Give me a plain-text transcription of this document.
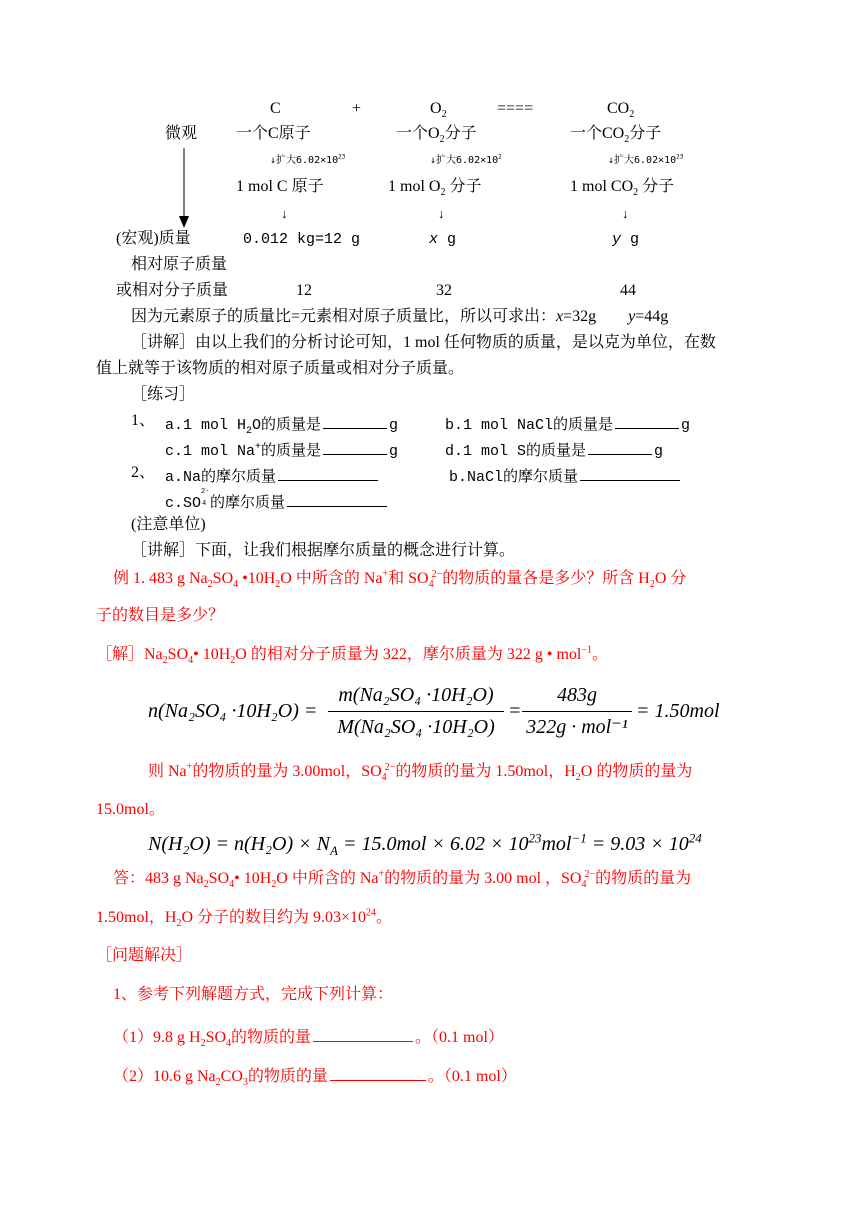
C	+	$O_2$	====	$CO_2$
微观 一个C原子	一个$O_2$分子	一个$CO_2$分子
↓扩大$6.02\times 10^{23}$	↓扩大$6.02\times 10^2$	↓扩大$6.02\times 10^{23}$
1 mol C 原子	1 mol $O_2$ 分子	1 mol $CO_2$ 分子
↓	↓	↓
(宏观)质量	0.012 kg=12 g	x g	y g
相对原子质量
或相对分子质量	12	32	44
因为元素原子的质量比=元素相对原子质量比，所以可求出：x=32g y=44g
［讲解］由以上我们的分析讨论可知，1 mol 任何物质的质量，是以克为单位，在数
值上就等于该物质的相对原子质量或相对分子质量。
［练习］
1、 a.1 mol $H_2O$的质量是	g	b.1 mol NaCl的质量是	g
c.1 mol Na+的质量是	g	d.1 mol S的质量是	g
2、 a.Na的摩尔质量	b.NaCl的摩尔质量
c.SO
2-
4 的摩尔质量
(注意单位)
［讲解］下面，让我们根据摩尔质量的概念进行计算。
例 1. 483 g $Na_2SO_4$ $•10H_2O$ 中所含的 Na+和 $SO_4^{2-}$的物质的量各是多少？所含 $H_2O$ 分
子的数目是多少？
［解$]Na_2SO_4•$ $10H_2O$ 的相对分子质量为 322，摩尔质量为 322 g • mol$^{-1}$。
n(Na₂SO₄ ·10H₂O) =
m(Na₂SO₄ ·10H₂O)
M(Na₂SO₄ ·10H₂O)
=
483g
322g · mol⁻¹
= 1.50mol
则 Na+的物质的量为 3.00mol，$SO_4^{2-}$的物质的量为 1.50mol，$H_2O$ 的物质的量为
15.0mol。
$N(H_2O) = n(H_2O) \times N_A = 15.0mol \times 6.02 \times 10^{23}mol^{-1} = 9.03 \times 10^{24}$
答：483 g $Na_2SO_4•$ $10H_2O$ 中所含的 Na+的物质的量为 3.00 mol ，$SO_4^{2-}$的物质的量为
1.50mol，$H_2O$ 分子的数目约为 $9.03\times 10^{24}$。
［问题解决］
1、参考下列解题方式，完成下列计算：
（1）9.8 g $H_2SO_4$的物质的量	。（0.1 mol）
（2）10.6 g $Na_2CO_3$的物质的量	。（0.1 mol）
